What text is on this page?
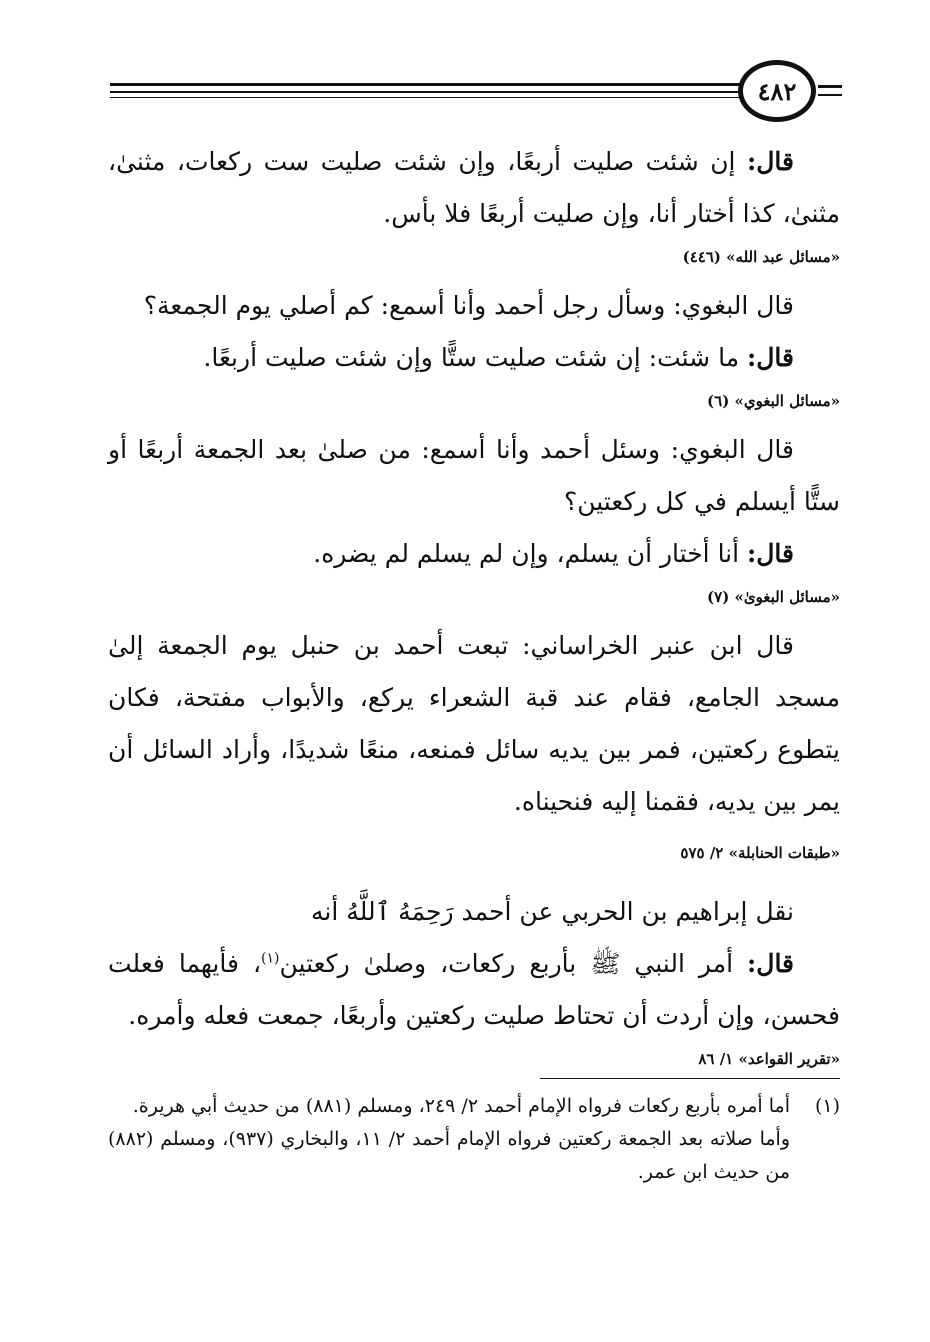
٤٨٢

قال: إن شئت صليت أربعًا، وإن شئت صليت ست ركعات، مثنىٰ، مثنىٰ، كذا أختار أنا، وإن صليت أربعًا فلا بأس.

«مسائل عبد الله» (٤٤٦)

قال البغوي: وسأل رجل أحمد وأنا أسمع: كم أصلي يوم الجمعة؟

قال: ما شئت: إن شئت صليت ستًّا وإن شئت صليت أربعًا.

«مسائل البغوي» (٦)

قال البغوي: وسئل أحمد وأنا أسمع: من صلىٰ بعد الجمعة أربعًا أو ستًّا أيسلم في كل ركعتين؟

قال: أنا أختار أن يسلم، وإن لم يسلم لم يضره.

«مسائل البغوىٰ» (٧)

قال ابن عنبر الخراساني: تبعت أحمد بن حنبل يوم الجمعة إلىٰ مسجد الجامع، فقام عند قبة الشعراء يركع، والأبواب مفتحة، فكان يتطوع ركعتين، فمر بين يديه سائل فمنعه، منعًا شديدًا، وأراد السائل أن يمر بين يديه، فقمنا إليه فنحيناه.

«طبقات الحنابلة» ٢/ ٥٧٥

نقل إبراهيم بن الحربي عن أحمد رَحِمَهُ ٱللَّهُ أنه

قال: أمر النبي ﷺ بأربع ركعات، وصلىٰ ركعتين$^{(١)}$، فأيهما فعلت فحسن، وإن أردت أن تحتاط صليت ركعتين وأربعًا، جمعت فعله وأمره.

«تقرير القواعد» ١/ ٨٦

(١)
أما أمره بأربع ركعات فرواه الإمام أحمد ٢/ ٢٤٩، ومسلم (٨٨١) من حديث أبي هريرة.

وأما صلاته بعد الجمعة ركعتين فرواه الإمام أحمد ٢/ ١١، والبخاري (٩٣٧)، ومسلم (٨٨٢) من حديث ابن عمر.
